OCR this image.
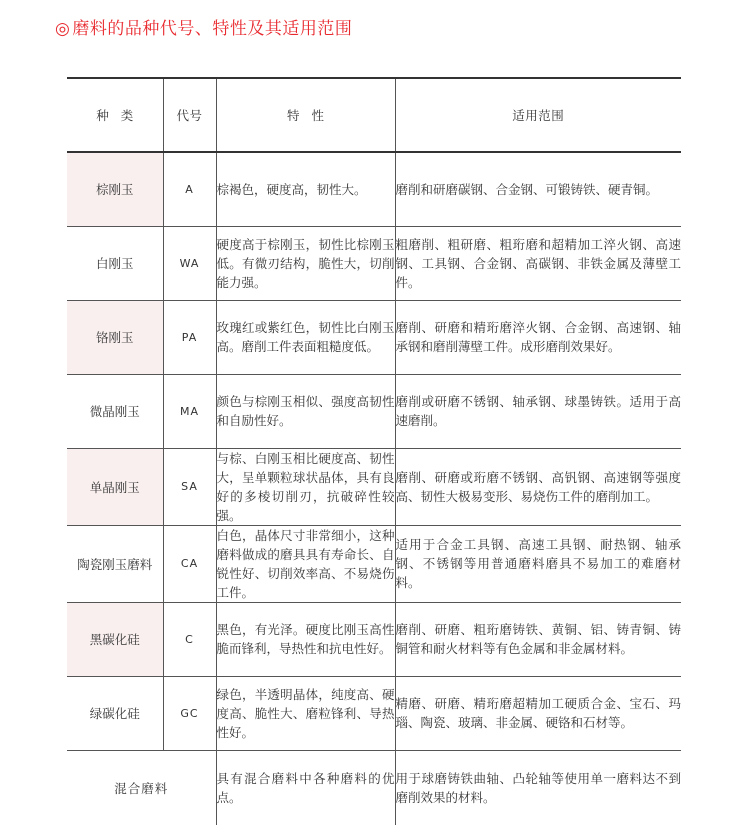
◎ 磨料的品种代号、特性及其适用范围
种类	代号	特性	适用范围
棕刚玉	A	棕褐色，硬度高，韧性大。	磨削和研磨碳钢、合金钢、可锻铸铁、硬青铜。
白刚玉	WA	硬度高于棕刚玉，韧性比棕刚玉低。有微刃结构，脆性大，切削能力强。	粗磨削、粗研磨、粗珩磨和超精加工淬火钢、高速钢、工具钢、合金钢、高碳钢、非铁金属及薄壁工件。
铬刚玉	PA	玫瑰红或紫红色，韧性比白刚玉高。磨削工件表面粗糙度低。	磨削、研磨和精珩磨淬火钢、合金钢、高速钢、轴承钢和磨削薄壁工件。成形磨削效果好。
微晶刚玉	MA	颜色与棕刚玉相似、强度高韧性和自励性好。	磨削或研磨不锈钢、轴承钢、球墨铸铁。适用于高速磨削。
单晶刚玉	SA	与棕、白刚玉相比硬度高、韧性大，呈单颗粒球状晶体，具有良好的多棱切削刃，抗破碎性较强。	磨削、研磨或珩磨不锈钢、高钒钢、高速钢等强度高、韧性大极易变形、易烧伤工件的磨削加工。
陶瓷刚玉磨料	CA	白色，晶体尺寸非常细小，这种磨料做成的磨具具有寿命长、自锐性好、切削效率高、不易烧伤工件。	适用于合金工具钢、高速工具钢、耐热钢、轴承钢、不锈钢等用普通磨料磨具不易加工的难磨材料。
黑碳化硅	C	黑色，有光泽。硬度比刚玉高性脆而锋利，导热性和抗电性好。	磨削、研磨、粗珩磨铸铁、黄铜、铝、铸青铜、铸铜管和耐火材料等有色金属和非金属材料。
绿碳化硅	GC	绿色，半透明晶体，纯度高、硬度高、脆性大、磨粒锋利、导热性好。	精磨、研磨、精珩磨超精加工硬质合金、宝石、玛瑙、陶瓷、玻璃、非金属、硬铬和石材等。
混合磨料		具有混合磨料中各种磨料的优点。	用于球磨铸铁曲轴、凸轮轴等使用单一磨料达不到磨削效果的材料。
